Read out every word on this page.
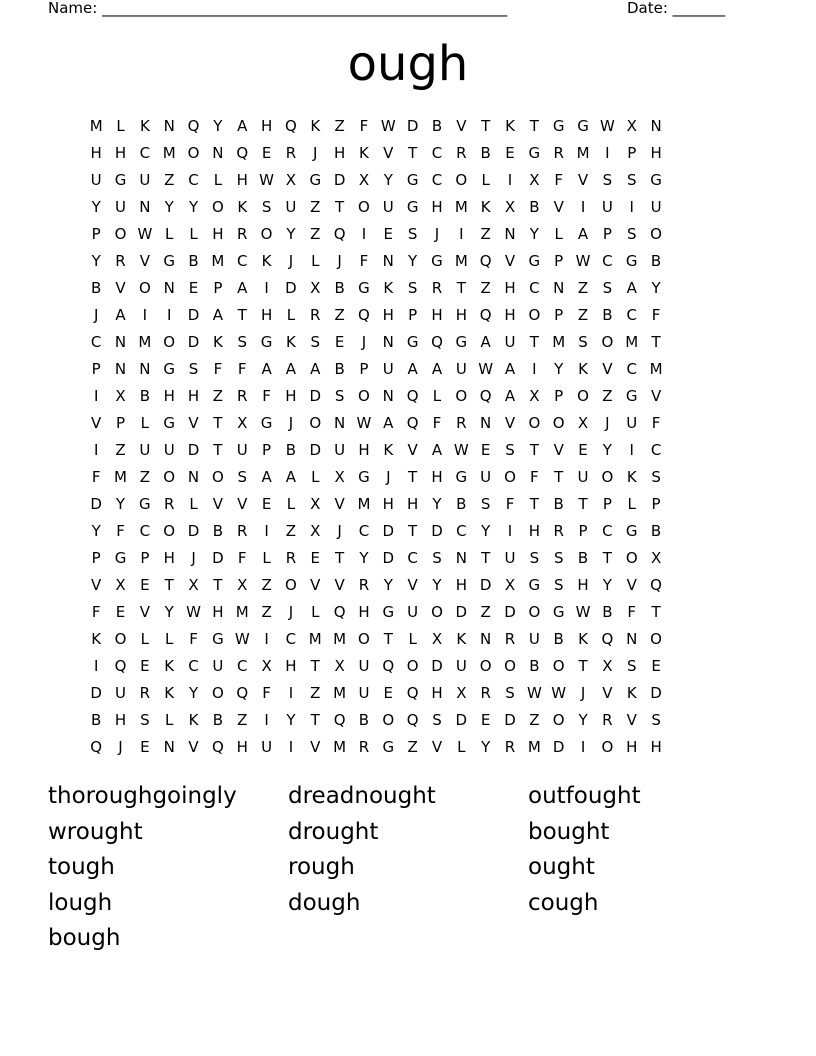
Name: ______________________________________________________	Date: _______
ough
M L	K N Q Y A H Q K Z F W D B V T K T G G W X N
H H C M O N Q E R	J	H K V T C R B E G R M	I	P H
U G U Z C L H W X G D X Y G C O L	I	X F V S S G
Y U N Y	Y O K S U Z T O U G H M K X B V	I	U	I	U
P O W L	L H R O Y Z Q	I	E S	J	I	Z N Y	L	A P	S O
Y R V G B M C K	J	L	J	F N Y G M Q V G P W C G B
B V O N E	P A	I	D X B G K S R T Z H C N Z S A Y
J	A	I	I	D A T H L R Z Q H P H H Q H O P Z B C F
C N M O D K S G K S E	J	N G Q G A U T M S O M T
P N N G S	F	F A A A B P U A A U W A	I	Y K V C M
I	X B H H Z R F H D S O N Q L O Q A X P O Z G V
V P	L G V T X G	J	O N W A Q F R N V O O X	J	U F
I	Z U U D T U P B D U H K V A W E S T V E	Y	I	C
F M Z O N O S A A	L	X G	J	T H G U O F	T U O K S
D Y G R L	V V E	L	X V M H H Y B S	F	T B T	P	L	P
Y	F C O D B R	I	Z X	J	C D T D C Y	I	H R P C G B
P G P H	J	D F	L R E	T	Y D C S N T U S S B T O X
V X E	T X T X Z O V V R Y V Y H D X G S H Y V Q
F	E V Y W H M Z	J	L Q H G U O D Z D O G W B F	T
K O L	L	F G W I	C M M O T	L	X K N R U B K Q N O
I	Q E K C U C X H T X U Q O D U O O B O T X S E
D U R K Y O Q F	I	Z M U E Q H X R S W W J	V K D
B H S	L	K B Z	I	Y	T Q B O Q S D E D Z O Y R V S
Q	J	E N V Q H U	I	V M R G Z V	L	Y R M D	I	O H H
thoroughgoingly	dreadnought	outfought
wrought	drought	bought
tough	rough	ought
lough	dough	cough
bough
